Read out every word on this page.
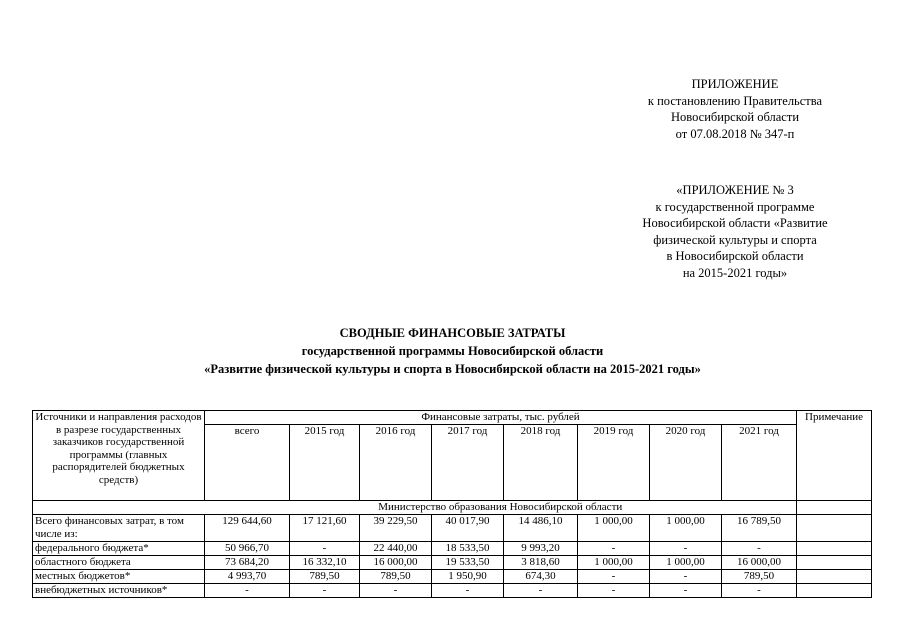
ПРИЛОЖЕНИЕ
к постановлению Правительства
Новосибирской области
от 07.08.2018 № 347-п
«ПРИЛОЖЕНИЕ № 3
к государственной программе
Новосибирской области «Развитие
физической культуры и спорта
в Новосибирской области
на 2015-2021 годы»
СВОДНЫЕ ФИНАНСОВЫЕ ЗАТРАТЫ
государственной программы Новосибирской области
«Развитие физической культуры и спорта в Новосибирской области на 2015-2021 годы»
Источники и направления расходов в разрезе государственных заказчиков государственной программы (главных распорядителей бюджетных средств)	Финансовые затраты, тыс. рублей								Примечание
	всего	2015 год	2016 год	2017 год	2018 год	2019 год	2020 год	2021 год	
	Министерство образования Новосибирской области								
Всего финансовых затрат, в том числе из:	129 644,60	17 121,60	39 229,50	40 017,90	14 486,10	1 000,00	1 000,00	16 789,50	
федерального бюджета*	50 966,70	-	22 440,00	18 533,50	9 993,20	-	-	-	
областного бюджета	73 684,20	16 332,10	16 000,00	19 533,50	3 818,60	1 000,00	1 000,00	16 000,00	
местных бюджетов*	4 993,70	789,50	789,50	1 950,90	674,30	-	-	789,50	
внебюджетных источников*	-	-	-	-	-	-	-	-	
